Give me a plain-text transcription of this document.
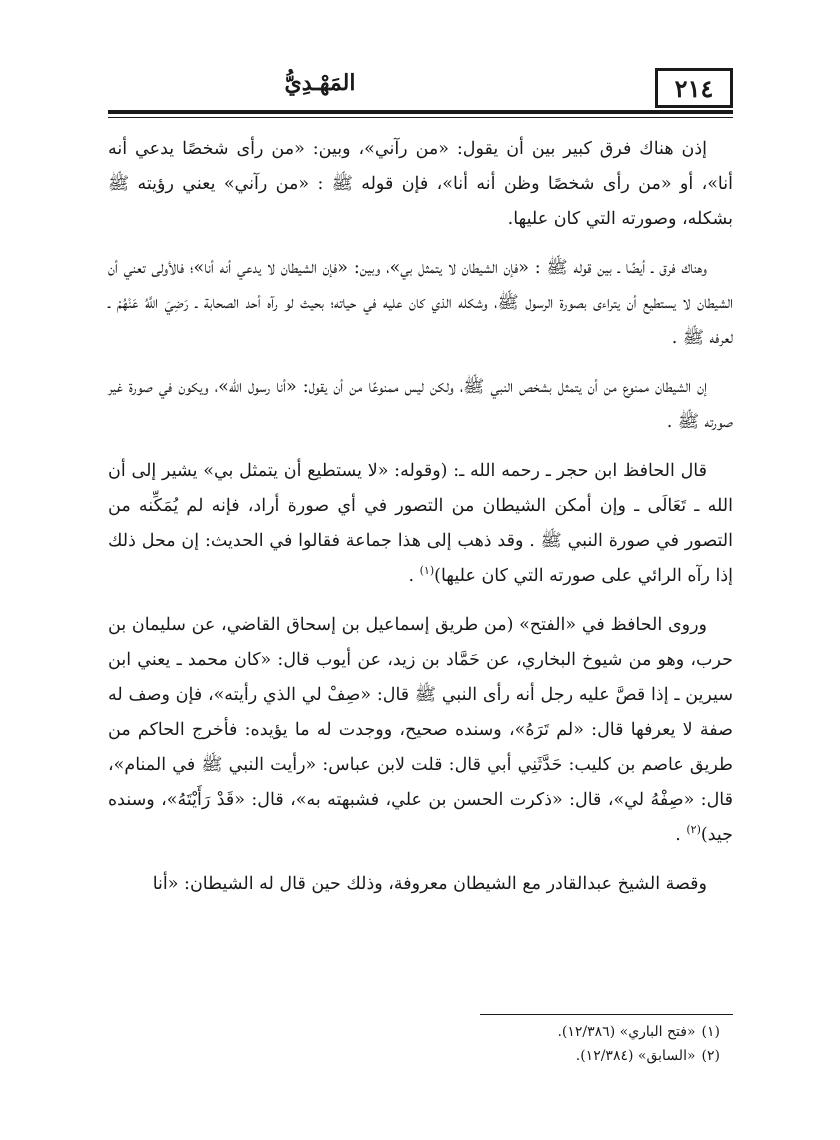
٢١٤
المَهْـدِيُّ

إذن هناك فرق كبير بين أن يقول: «من رآني»، وبين: «من رأى شخصًا يدعي أنه أنا»، أو «من رأى شخصًا وظن أنه أنا»، فإن قوله ﷺ : «من رآني» يعني رؤيته ﷺ بشكله، وصورته التي كان عليها.

وهناك فرق ـ أيضًا ـ بين قوله ﷺ : «فإن الشيطان لا يتمثل بي»، وبين: «فإن الشيطان لا يدعي أنه أنا»؛ فالأولى تعني أن الشيطان لا يستطيع أن يتراءى بصورة الرسول ﷺ، وشكله الذي كان عليه في حياته؛ بحيث لو رآه أحد الصحابة ـ رَضِيَ اللَّهُ عَنْهُمْ ـ لعرفه ﷺ .

إن الشيطان ممنوع من أن يتمثل بشخص النبي ﷺ، ولكن ليس ممنوعًا من أن يقول: «أنا رسول الله»، ويكون في صورة غير صورته ﷺ .

قال الحافظ ابن حجر ـ رحمه الله ـ: (وقوله: «لا يستطيع أن يتمثل بي» يشير إلى أن الله ـ تَعَالَى ـ وإن أمكن الشيطان من التصور في أي صورة أراد، فإنه لم يُمَكِّنه من التصور في صورة النبي ﷺ . وقد ذهب إلى هذا جماعة فقالوا في الحديث: إن محل ذلك إذا رآه الرائي على صورته التي كان عليها)$^{(١)}$ .

وروى الحافظ في «الفتح» (من طريق إسماعيل بن إسحاق القاضي، عن سليمان بن حرب، وهو من شيوخ البخاري، عن حَمَّاد بن زيد، عن أيوب قال: «كان محمد ـ يعني ابن سيرين ـ إذا قصَّ عليه رجل أنه رأى النبي ﷺ قال: «صِفْ لي الذي رأيته»، فإن وصف له صفة لا يعرفها قال: «لم تَرَهُ»، وسنده صحيح، ووجدت له ما يؤيده: فأخرج الحاكم من طريق عاصم بن كليب: حَدَّثَنِي أبي قال: قلت لابن عباس: «رأيت النبي ﷺ في المنام»، قال: «صِفْهُ لي»، قال: «ذكرت الحسن بن علي، فشبهته به»، قال: «قَدْ رَأَيْتَهُ»، وسنده جيد)$^{(٢)}$ .

وقصة الشيخ عبدالقادر مع الشيطان معروفة، وذلك حين قال له الشيطان: «أنا

(١)«فتح الباري» (١٢/٣٨٦).
(٢)«السابق» (١٢/٣٨٤).
